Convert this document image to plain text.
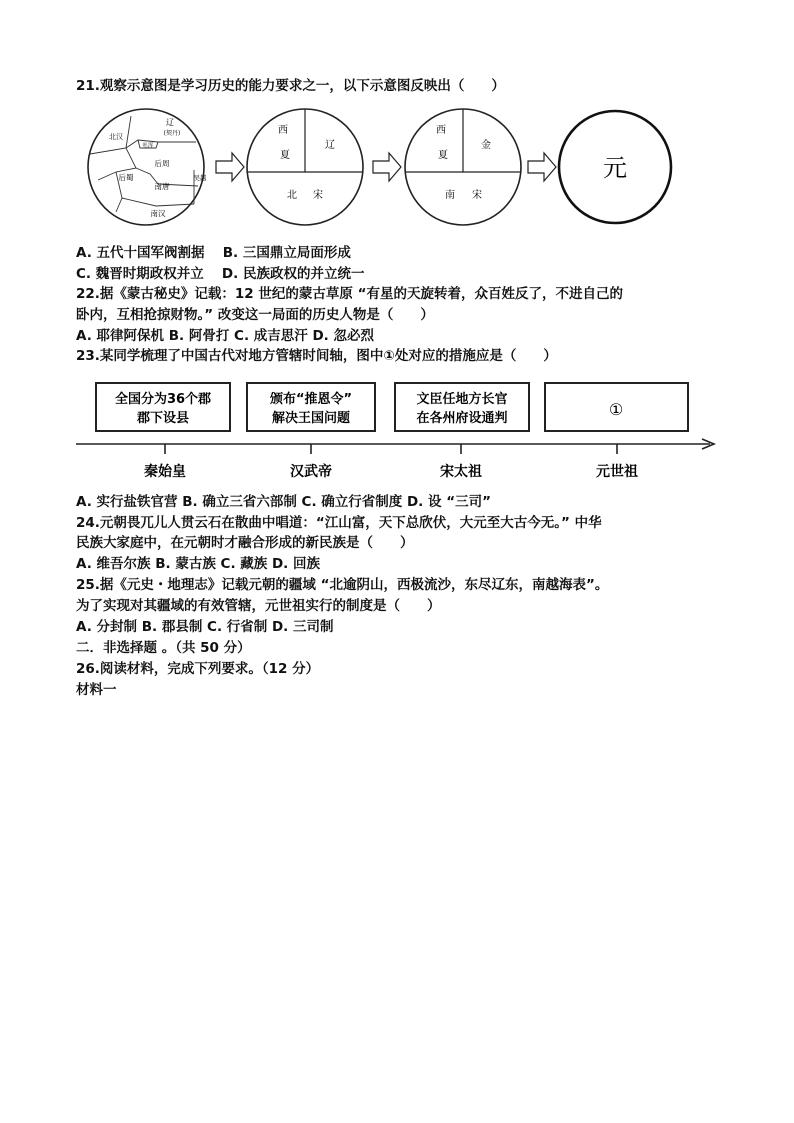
21.观察示意图是学习历史的能力要求之一，以下示意图反映出（　　）
辽
(契丹)
北汉
吐浑
后周
后蜀
南唐
吴越
南汉
西
夏
辽
北 宋
西
夏
金
南 宋
元
A. 五代十国军阀割据　 B. 三国鼎立局面形成
C. 魏晋时期政权并立　 D. 民族政权的并立统一
22.据《蒙古秘史》记载：12 世纪的蒙古草原 “有星的天旋转着，众百姓反了，不进自己的
卧内，互相抢掠财物。” 改变这一局面的历史人物是（　　）
A. 耶律阿保机 B. 阿骨打 C. 成吉思汗 D. 忽必烈
23.某同学梳理了中国古代对地方管辖时间轴，图中①处对应的措施应是（　　）
全国分为36个郡
郡下设县
颁布“推恩令”
解决王国问题
文臣任地方长官
在各州府设通判	①
秦始皇	汉武帝	宋太祖	元世祖
A. 实行盐铁官营 B. 确立三省六部制 C. 确立行省制度 D. 设 “三司”
24.元朝畏兀儿人贯云石在散曲中唱道：“江山富，天下总欣伏，大元至大古今无。” 中华
民族大家庭中，在元朝时才融合形成的新民族是（　　）
A. 维吾尔族 B. 蒙古族 C. 藏族 D. 回族
25.据《元史・地理志》记载元朝的疆域 “北逾阴山，西极流沙，东尽辽东，南越海表”。
为了实现对其疆域的有效管辖，元世祖实行的制度是（　　）
A. 分封制 B. 郡县制 C. 行省制 D. 三司制
二．非选择题 。（共 50 分）
26.阅读材料，完成下列要求。（12 分）
材料一
